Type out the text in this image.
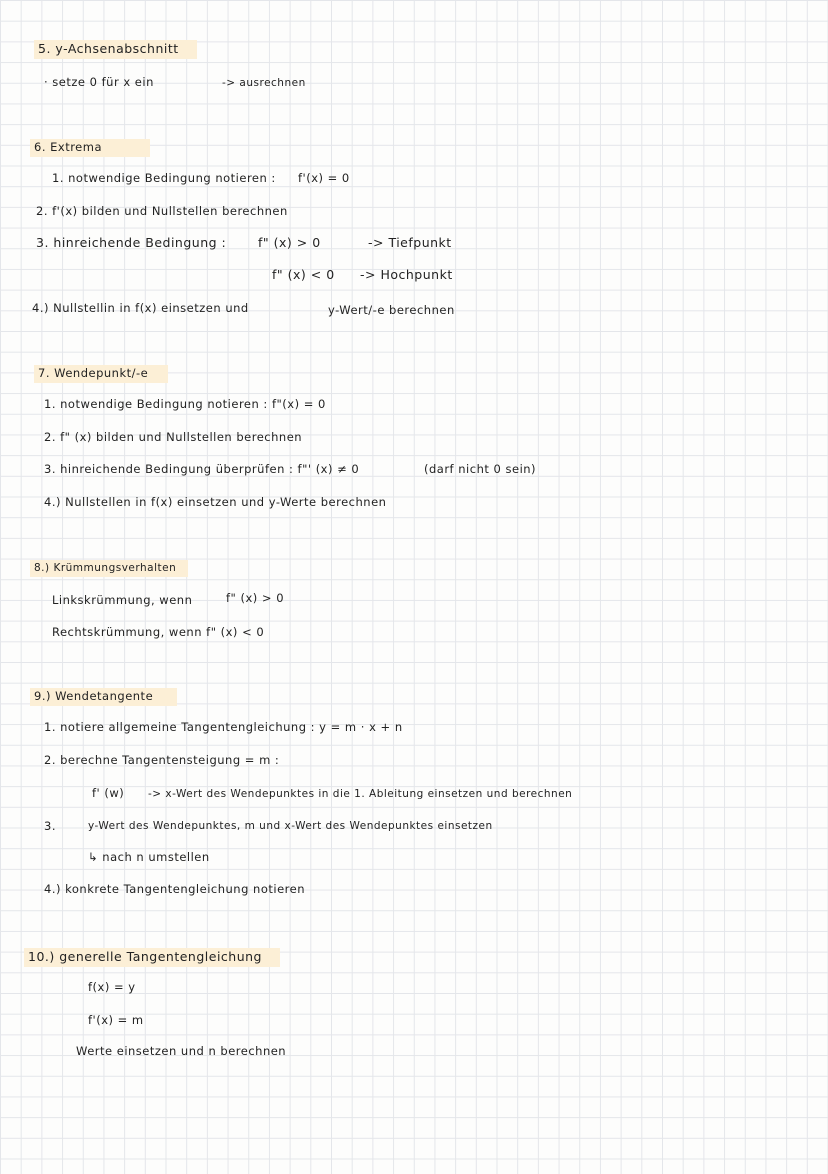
5. y-Achsenabschnitt
· setze 0 für x ein	-> ausrechnen
6. Extrema
1. notwendige Bedingung notieren : f'(x) = 0
2. f'(x) bilden und Nullstellen berechnen
3. hinreichende Bedingung :	f" (x) > 0	-> Tiefpunkt
f" (x) < 0 -> Hochpunkt
4.) Nullstellin in f(x) einsetzen und	y-Wert/-e berechnen
7. Wendepunkt/-e
1. notwendige Bedingung notieren : f"(x) = 0
2. f" (x) bilden und Nullstellen berechnen
3. hinreichende Bedingung überprüfen : f"' (x) ≠ 0	(darf nicht 0 sein)
4.) Nullstellen in f(x) einsetzen und y-Werte berechnen
8.) Krümmungsverhalten
Linkskrümmung, wenn	f" (x) > 0
Rechtskrümmung, wenn f" (x) < 0
9.) Wendetangente
1. notiere allgemeine Tangentengleichung : y = m · x + n
2. berechne Tangentensteigung = m :
f' (w) -> x-Wert des Wendepunktes in die 1. Ableitung einsetzen und berechnen
3.	y-Wert des Wendepunktes, m und x-Wert des Wendepunktes einsetzen
↳ nach n umstellen
4.) konkrete Tangentengleichung notieren
10.) generelle Tangentengleichung
f(x) = y
f'(x) = m
Werte einsetzen und n berechnen
